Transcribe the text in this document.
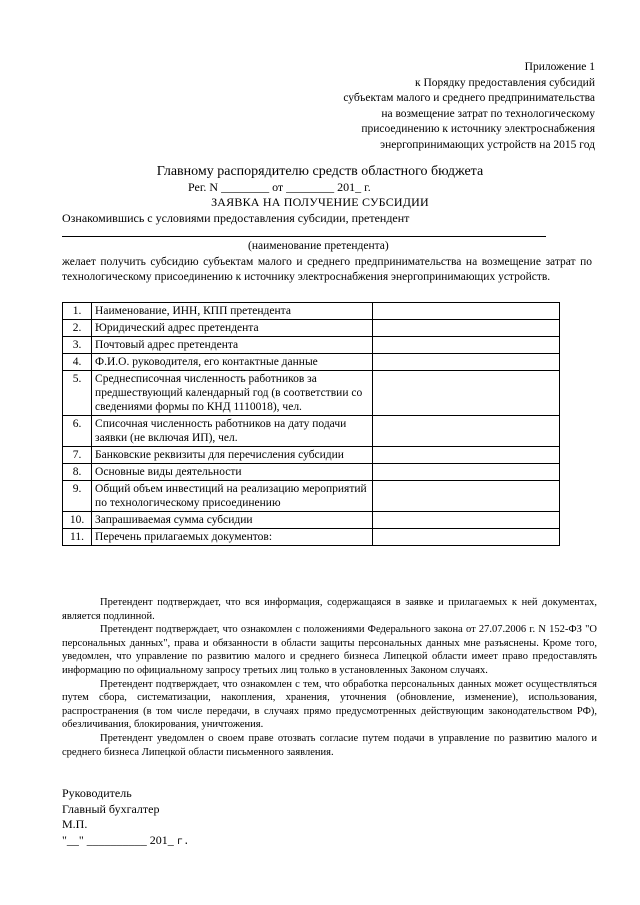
Приложение 1
к Порядку предоставления субсидий
субъектам малого и среднего предпринимательства
на возмещение затрат по технологическому
присоединению к источнику электроснабжения
энергопринимающих устройств на 2015 год
Главному распорядителю средств областного бюджета
Рег. N ________ от ________ 201_ г.
ЗАЯВКА НА ПОЛУЧЕНИЕ СУБСИДИИ
Ознакомившись с условиями предоставления субсидии, претендент
(наименование претендента)
желает получить субсидию субъектам малого и среднего предпринимательства на возмещение затрат по технологическому присоединению к источнику электроснабжения энергопринимающих устройств.
1.	Наименование, ИНН, КПП претендента	
2.	Юридический адрес претендента	
3.	Почтовый адрес претендента	
4.	Ф.И.О. руководителя, его контактные данные	
5.	Среднесписочная численность работников за предшествующий календарный год (в соответствии со сведениями формы по КНД 1110018), чел.	
6.	Списочная численность работников на дату подачи заявки (не включая ИП), чел.	
7.	Банковские реквизиты для перечисления субсидии	
8.	Основные виды деятельности	
9.	Общий объем инвестиций на реализацию мероприятий по технологическому присоединению	
10.	Запрашиваемая сумма субсидии	
11.	Перечень прилагаемых документов:	

Претендент подтверждает, что вся информация, содержащаяся в заявке и прилагаемых к ней документах, является подлинной.

Претендент подтверждает, что ознакомлен с положениями Федерального закона от 27.07.2006 г. N 152-ФЗ "О персональных данных", права и обязанности в области защиты персональных данных мне разъяснены. Кроме того, уведомлен, что управление по развитию малого и среднего бизнеса Липецкой области имеет право предоставлять информацию по официальному запросу третьих лиц только в установленных Законом случаях.

Претендент подтверждает, что ознакомлен с тем, что обработка персональных данных может осуществляться путем сбора, систематизации, накопления, хранения, уточнения (обновление, изменение), использования, распространения (в том числе передачи, в случаях прямо предусмотренных действующим законодательством РФ), обезличивания, блокирования, уничтожения.

Претендент уведомлен о своем праве отозвать согласие путем подачи в управление по развитию малого и среднего бизнеса Липецкой области письменного заявления.

Руководитель
Главный бухгалтер
М.П.
"__" __________ 201_ г.
